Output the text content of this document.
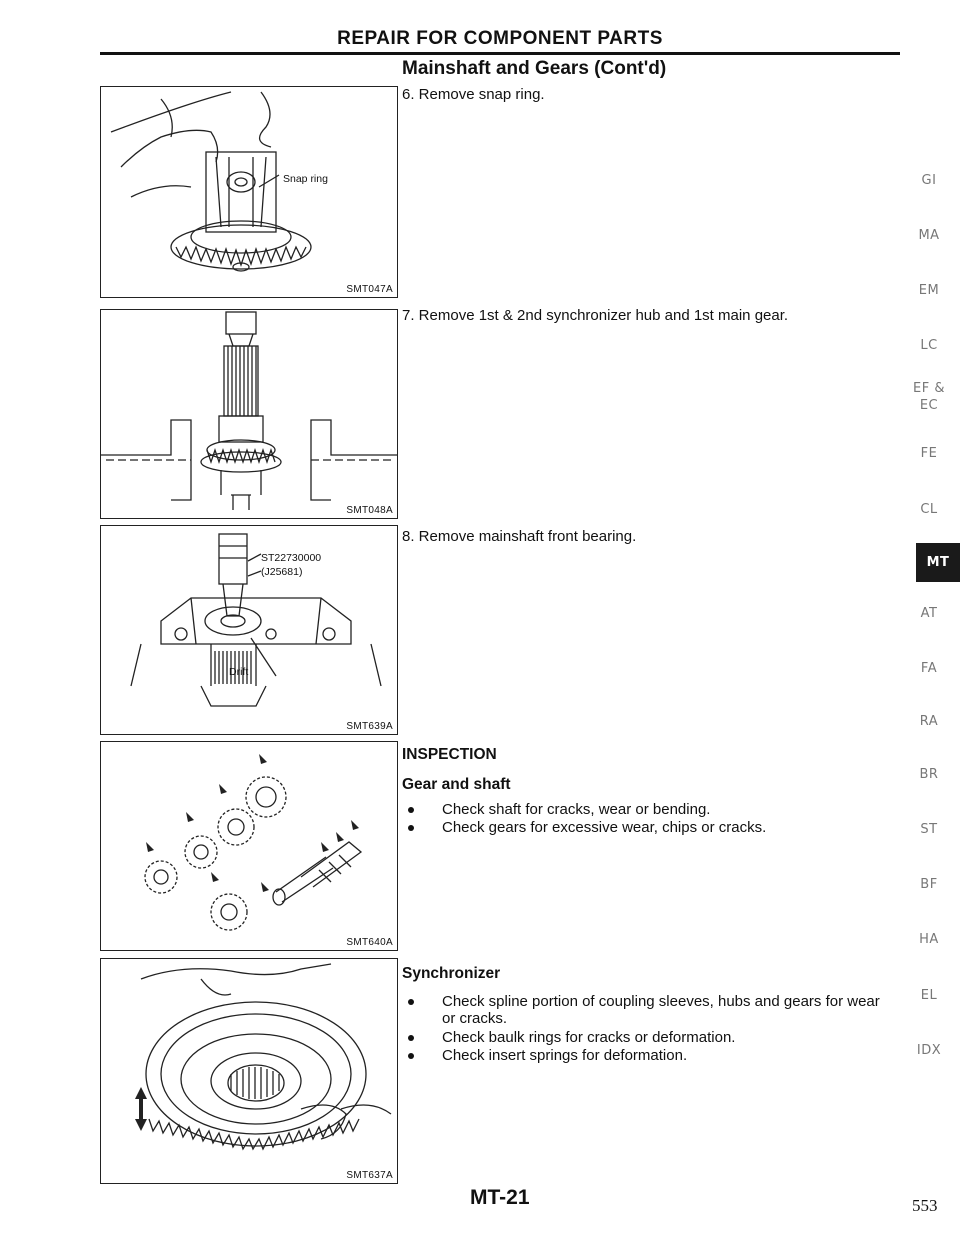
REPAIR FOR COMPONENT PARTS
Mainshaft and Gears (Cont'd)
Snap ring
SMT047A
SMT048A
ST22730000
(J25681)
Drift
SMT639A
SMT640A
SMT637A
6. Remove snap ring.
7. Remove 1st & 2nd synchronizer hub and 1st main gear.
8. Remove mainshaft front bearing.
INSPECTION
Gear and shaft
Check shaft for cracks, wear or bending.
Check gears for excessive wear, chips or cracks.
Synchronizer
Check spline portion of coupling sleeves, hubs and gears for wear or cracks.
Check baulk rings for cracks or deformation.
Check insert springs for deformation.
GI
MA
EM
LC
EF &
EC
FE
CL
MT
AT
FA
RA
BR
ST
BF
HA
EL
IDX
MT-21	553
